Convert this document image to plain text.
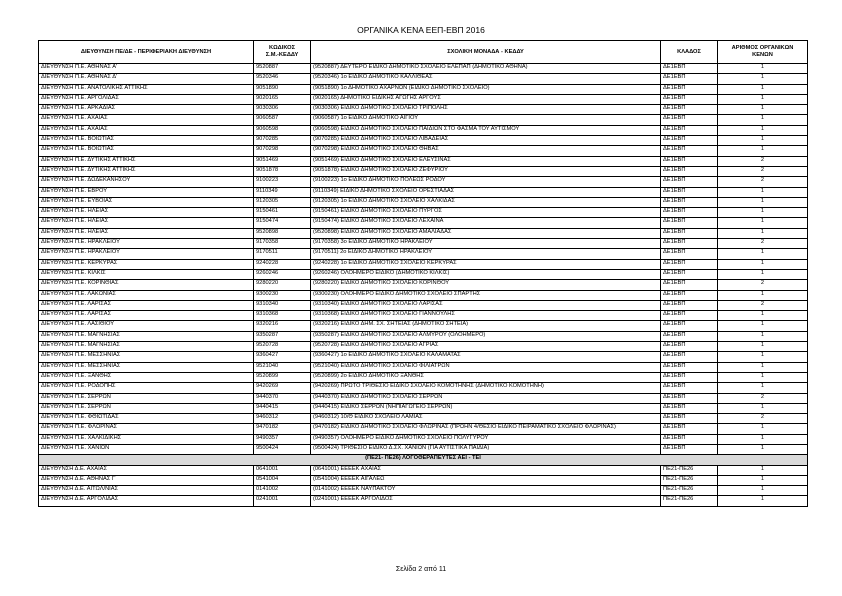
ΟΡΓΑΝΙΚΑ ΚΕΝΑ ΕΕΠ-ΕΒΠ 2016
ΔΙΕΥΘΥΝΣΗ ΠΕ/ΔΕ - ΠΕΡΙΦΕΡΙΑΚΗ ΔΙΕΥΘΥΝΣΗ	ΚΩΔΙΚΟΣ
Σ.Μ.-ΚΕΔΔΥ	ΣΧΟΛΙΚΗ ΜΟΝΑΔΑ - ΚΕΔΔΥ	ΚΛΑΔΟΣ	ΑΡΙΘΜΟΣ ΟΡΓΑΝΙΚΩΝ
ΚΕΝΩΝ
ΔΙΕΥΘΥΝΣΗ Π.Ε. ΑΘΗΝΑΣ Α'	9520887	(9520887) ΔΕΥΤΕΡΟ ΕΙΔΙΚΟ ΔΗΜΟΤΙΚΟ ΣΧΟΛΕΙΟ ΕΛΕΠΑΠ (ΔΗΜΟΤΙΚΟ ΑΘΗΝΑ)	ΔΕ1ΕΒΠ	1
ΔΙΕΥΘΥΝΣΗ Π.Ε. ΑΘΗΝΑΣ Δ'	9520346	(9520346) 1ο ΕΙΔΙΚΟ ΔΗΜΟΤΙΚΟ ΚΑΛΛΙΘΕΑΣ	ΔΕ1ΕΒΠ	1
ΔΙΕΥΘΥΝΣΗ Π.Ε. ΑΝΑΤΟΛΙΚΗΣ ΑΤΤΙΚΗΣ	9051890	(9051890) 1ο ΔΗΜΟΤΙΚΟ ΑΧΑΡΝΩΝ (ΕΙΔΙΚΟ ΔΗΜΟΤΙΚΟ ΣΧΟΛΕΙΟ)	ΔΕ1ΕΒΠ	1
ΔΙΕΥΘΥΝΣΗ Π.Ε. ΑΡΓΟΛΙΔΑΣ	9020165	(9020165) ΔΗΜΟΤΙΚΟ ΕΙΔΙΚΗΣ ΑΓΩΓΗΣ ΑΡΓΟΥΣ	ΔΕ1ΕΒΠ	1
ΔΙΕΥΘΥΝΣΗ Π.Ε. ΑΡΚΑΔΙΑΣ	9030306	(9030306) ΕΙΔΙΚΟ ΔΗΜΟΤΙΚΟ ΣΧΟΛΕΙΟ ΤΡΙΠΟΛΗΣ	ΔΕ1ΕΒΠ	1
ΔΙΕΥΘΥΝΣΗ Π.Ε. ΑΧΑΪΑΣ	9060587	(9060587) 1ο ΕΙΔΙΚΟ ΔΗΜΟΤΙΚΟ ΑΙΓΙΟΥ	ΔΕ1ΕΒΠ	1
ΔΙΕΥΘΥΝΣΗ Π.Ε. ΑΧΑΪΑΣ	9060598	(9060598) ΕΙΔΙΚΟ ΔΗΜΟΤΙΚΟ ΣΧΟΛΕΙΟ ΠΑΙΔΙΩΝ ΣΤΟ ΦΑΣΜΑ ΤΟΥ ΑΥΤΙΣΜΟΥ	ΔΕ1ΕΒΠ	1
ΔΙΕΥΘΥΝΣΗ Π.Ε. ΒΟΙΩΤΙΑΣ	9070285	(9070285) ΕΙΔΙΚΟ ΔΗΜΟΤΙΚΟ ΣΧΟΛΕΙΟ ΛΙΒΑΔΕΙΑΣ	ΔΕ1ΕΒΠ	1
ΔΙΕΥΘΥΝΣΗ Π.Ε. ΒΟΙΩΤΙΑΣ	9070298	(9070298) ΕΙΔΙΚΟ ΔΗΜΟΤΙΚΟ ΣΧΟΛΕΙΟ ΘΗΒΑΣ	ΔΕ1ΕΒΠ	1
ΔΙΕΥΘΥΝΣΗ Π.Ε. ΔΥΤΙΚΗΣ ΑΤΤΙΚΗΣ	9051469	(9051469) ΕΙΔΙΚΟ ΔΗΜΟΤΙΚΟ ΣΧΟΛΕΙΟ ΕΛΕΥΣΙΝΑΣ	ΔΕ1ΕΒΠ	2
ΔΙΕΥΘΥΝΣΗ Π.Ε. ΔΥΤΙΚΗΣ ΑΤΤΙΚΗΣ	9051878	(9051878) ΕΙΔΙΚΟ ΔΗΜΟΤΙΚΟ ΣΧΟΛΕΙΟ ΖΕΦΥΡΙΟΥ	ΔΕ1ΕΒΠ	2
ΔΙΕΥΘΥΝΣΗ Π.Ε. ΔΩΔΕΚΑΝΗΣΟΥ	9100223	(9100223) 1ο ΕΙΔΙΚΟ ΔΗΜΟΤΙΚΟ ΠΟΛΕΩΣ ΡΟΔΟΥ	ΔΕ1ΕΒΠ	2
ΔΙΕΥΘΥΝΣΗ Π.Ε. ΕΒΡΟΥ	9110349	(9110349) ΕΙΔΙΚΟ ΔΗΜΟΤΙΚΟ ΣΧΟΛΕΙΟ ΟΡΕΣΤΙΑΔΑΣ	ΔΕ1ΕΒΠ	1
ΔΙΕΥΘΥΝΣΗ Π.Ε. ΕΥΒΟΙΑΣ	9120305	(9120305) 1ο ΕΙΔΙΚΟ ΔΗΜΟΤΙΚΟ ΣΧΟΛΕΙΟ ΧΑΛΚΙΔΑΣ	ΔΕ1ΕΒΠ	1
ΔΙΕΥΘΥΝΣΗ Π.Ε. ΗΛΕΙΑΣ	9150461	(9150461) ΕΙΔΙΚΟ ΔΗΜΟΤΙΚΟ ΣΧΟΛΕΙΟ ΠΥΡΓΟΣ	ΔΕ1ΕΒΠ	1
ΔΙΕΥΘΥΝΣΗ Π.Ε. ΗΛΕΙΑΣ	9150474	(9150474) ΕΙΔΙΚΟ ΔΗΜΟΤΙΚΟ ΣΧΟΛΕΙΟ ΛΕΧΑΙΝΑ	ΔΕ1ΕΒΠ	1
ΔΙΕΥΘΥΝΣΗ Π.Ε. ΗΛΕΙΑΣ	9520898	(9520898) ΕΙΔΙΚΟ ΔΗΜΟΤΙΚΟ ΣΧΟΛΕΙΟ ΑΜΑΛΙΑΔΑΣ	ΔΕ1ΕΒΠ	1
ΔΙΕΥΘΥΝΣΗ Π.Ε. ΗΡΑΚΛΕΙΟΥ	9170358	(9170358) 3ο ΕΙΔΙΚΟ ΔΗΜΟΤΙΚΟ ΗΡΑΚΛΕΙΟΥ	ΔΕ1ΕΒΠ	2
ΔΙΕΥΘΥΝΣΗ Π.Ε. ΗΡΑΚΛΕΙΟΥ	9170511	(9170511) 2ο ΕΙΔΙΚΟ ΔΗΜΟΤΙΚΟ ΗΡΑΚΛΕΙΟΥ	ΔΕ1ΕΒΠ	1
ΔΙΕΥΘΥΝΣΗ Π.Ε. ΚΕΡΚΥΡΑΣ	9240228	(9240228) 1ο ΕΙΔΙΚΟ ΔΗΜΟΤΙΚΟ ΣΧΟΛΕΙΟ ΚΕΡΚΥΡΑΣ	ΔΕ1ΕΒΠ	1
ΔΙΕΥΘΥΝΣΗ Π.Ε. ΚΙΛΚΙΣ	9260246	(9260246) ΟΛΟΗΜΕΡΟ ΕΙΔΙΚΟ (ΔΗΜΟΤΙΚΟ ΚΙΛΚΙΣ)	ΔΕ1ΕΒΠ	1
ΔΙΕΥΘΥΝΣΗ Π.Ε. ΚΟΡΙΝΘΙΑΣ	9280220	(9280220) ΕΙΔΙΚΟ ΔΗΜΟΤΙΚΟ ΣΧΟΛΕΙΟ ΚΟΡΙΝΘΟΥ	ΔΕ1ΕΒΠ	2
ΔΙΕΥΘΥΝΣΗ Π.Ε. ΛΑΚΩΝΙΑΣ	9300230	(9300230) ΟΛΟΗΜΕΡΟ ΕΙΔΙΚΟ ΔΗΜΟΤΙΚΟ ΣΧΟΛΕΙΟ ΣΠΑΡΤΗΣ	ΔΕ1ΕΒΠ	1
ΔΙΕΥΘΥΝΣΗ Π.Ε. ΛΑΡΙΣΑΣ	9310340	(9310340) ΕΙΔΙΚΟ ΔΗΜΟΤΙΚΟ ΣΧΟΛΕΙΟ ΛΑΡΙΣΑΣ	ΔΕ1ΕΒΠ	2
ΔΙΕΥΘΥΝΣΗ Π.Ε. ΛΑΡΙΣΑΣ	9310368	(9310368) ΕΙΔΙΚΟ ΔΗΜΟΤΙΚΟ ΣΧΟΛΕΙΟ ΓΙΑΝΝΟΥΛΗΣ	ΔΕ1ΕΒΠ	1
ΔΙΕΥΘΥΝΣΗ Π.Ε. ΛΑΣΙΘΙΟΥ	9320216	(9320216) ΕΙΔΙΚΟ ΔΗΜ. ΣΧ. ΣΗΤΕΙΑΣ (ΔΗΜΟΤΙΚΟ ΣΗΤΕΙΑ)	ΔΕ1ΕΒΠ	1
ΔΙΕΥΘΥΝΣΗ Π.Ε. ΜΑΓΝΗΣΙΑΣ	9350287	(9350287) ΕΙΔΙΚΟ ΔΗΜΟΤΙΚΟ ΣΧΟΛΕΙΟ ΑΛΜΥΡΟΥ (ΟΛΟΗΜΕΡΟ)	ΔΕ1ΕΒΠ	1
ΔΙΕΥΘΥΝΣΗ Π.Ε. ΜΑΓΝΗΣΙΑΣ	9520728	(9520728) ΕΙΔΙΚΟ ΔΗΜΟΤΙΚΟ ΣΧΟΛΕΙΟ ΑΓΡΙΑΣ	ΔΕ1ΕΒΠ	1
ΔΙΕΥΘΥΝΣΗ Π.Ε. ΜΕΣΣΗΝΙΑΣ	9360427	(9360427) 1ο ΕΙΔΙΚΟ ΔΗΜΟΤΙΚΟ ΣΧΟΛΕΙΟ ΚΑΛΑΜΑΤΑΣ	ΔΕ1ΕΒΠ	1
ΔΙΕΥΘΥΝΣΗ Π.Ε. ΜΕΣΣΗΝΙΑΣ	9521040	(9521040) ΕΙΔΙΚΟ ΔΗΜΟΤΙΚΟ ΣΧΟΛΕΙΟ ΦΙΛΙΑΤΡΩΝ	ΔΕ1ΕΒΠ	1
ΔΙΕΥΘΥΝΣΗ Π.Ε. ΞΑΝΘΗΣ	9520899	(9520899) 2ο ΕΙΔΙΚΟ ΔΗΜΟΤΙΚΟ ΞΑΝΘΗΣ	ΔΕ1ΕΒΠ	1
ΔΙΕΥΘΥΝΣΗ Π.Ε. ΡΟΔΟΠΗΣ	9420269	(9420269) ΠΡΩΤΟ ΤΡΙΘΕΣΙΟ ΕΙΔΙΚΟ ΣΧΟΛΕΙΟ ΚΟΜΟΤΗΝΗΣ (ΔΗΜΟΤΙΚΟ ΚΟΜΟΤΗΝΗ)	ΔΕ1ΕΒΠ	1
ΔΙΕΥΘΥΝΣΗ Π.Ε. ΣΕΡΡΩΝ	9440370	(9440370) ΕΙΔΙΚΟ ΔΗΜΟΤΙΚΟ ΣΧΟΛΕΙΟ ΣΕΡΡΩΝ	ΔΕ1ΕΒΠ	2
ΔΙΕΥΘΥΝΣΗ Π.Ε. ΣΕΡΡΩΝ	9440415	(9440415) ΕΙΔΙΚΟ ΣΕΡΡΩΝ (ΝΗΠΙΑΓΩΓΕΙΟ ΣΕΡΡΩΝ)	ΔΕ1ΕΒΠ	1
ΔΙΕΥΘΥΝΣΗ Π.Ε. ΦΘΙΩΤΙΔΑΣ	9460312	(9460312) 10/Θ ΕΙΔΙΚΟ ΣΧΟΛΕΙΟ ΛΑΜΙΑΣ	ΔΕ1ΕΒΠ	2
ΔΙΕΥΘΥΝΣΗ Π.Ε. ΦΛΩΡΙΝΑΣ	9470182	(9470182) ΕΙΔΙΚΟ ΔΗΜΟΤΙΚΟ ΣΧΟΛΕΙΟ ΦΛΩΡΙΝΑΣ (ΠΡΩΗΝ 4/ΘΕΣΙΟ ΕΙΔΙΚΟ ΠΕΙΡΑΜΑΤΙΚΟ ΣΧΟΛΕΙΟ ΦΛΩΡΙΝΑΣ)	ΔΕ1ΕΒΠ	1
ΔΙΕΥΘΥΝΣΗ Π.Ε. ΧΑΛΚΙΔΙΚΗΣ	9490357	(9490357) ΟΛΟΗΜΕΡΟ ΕΙΔΙΚΟ ΔΗΜΟΤΙΚΟ ΣΧΟΛΕΙΟ ΠΟΛΥΓΥΡΟΥ	ΔΕ1ΕΒΠ	1
ΔΙΕΥΘΥΝΣΗ Π.Ε. ΧΑΝΙΩΝ	9500424	(9500424) ΤΡΙΘΕΣΙΟ ΕΙΔΙΚΟ Δ.ΣΧ. ΧΑΝΙΩΝ (ΓΙΑ ΑΥΤΙΣΤΙΚΑ ΠΑΙΔΙΑ)	ΔΕ1ΕΒΠ	1
(ΠΕ21- ΠΕ26) ΛΟΓΟΘΕΡΑΠΕΥΤΕΣ ΑΕΙ - ΤΕΙ				
ΔΙΕΥΘΥΝΣΗ Δ.Ε. ΑΧΑΪΑΣ	0641001	(0641001) ΕΕΕΕΚ ΑΧΑΙΑΣ	ΠΕ21-ΠΕ26	1
ΔΙΕΥΘΥΝΣΗ Δ.Ε. ΑΘΗΝΑΣ Γ΄	0541004	(0541004) ΕΕΕΕΚ ΑΙΓΑΛΕΩ	ΠΕ21-ΠΕ26	1
ΔΙΕΥΘΥΝΣΗ Δ.Ε. ΑΙΤΩΛ/ΝΙΑΣ	0141002	(0141002) ΕΕΕΕΚ ΝΑΥΠΑΚΤΟΥ	ΠΕ21-ΠΕ26	1
ΔΙΕΥΘΥΝΣΗ Δ.Ε. ΑΡΓΟΛΙΔΑΣ	0241001	(0241001) ΕΕΕΕΚ ΑΡΓΟΛΙΔΟΣ	ΠΕ21-ΠΕ26	1
Σελίδα 2 από 11
